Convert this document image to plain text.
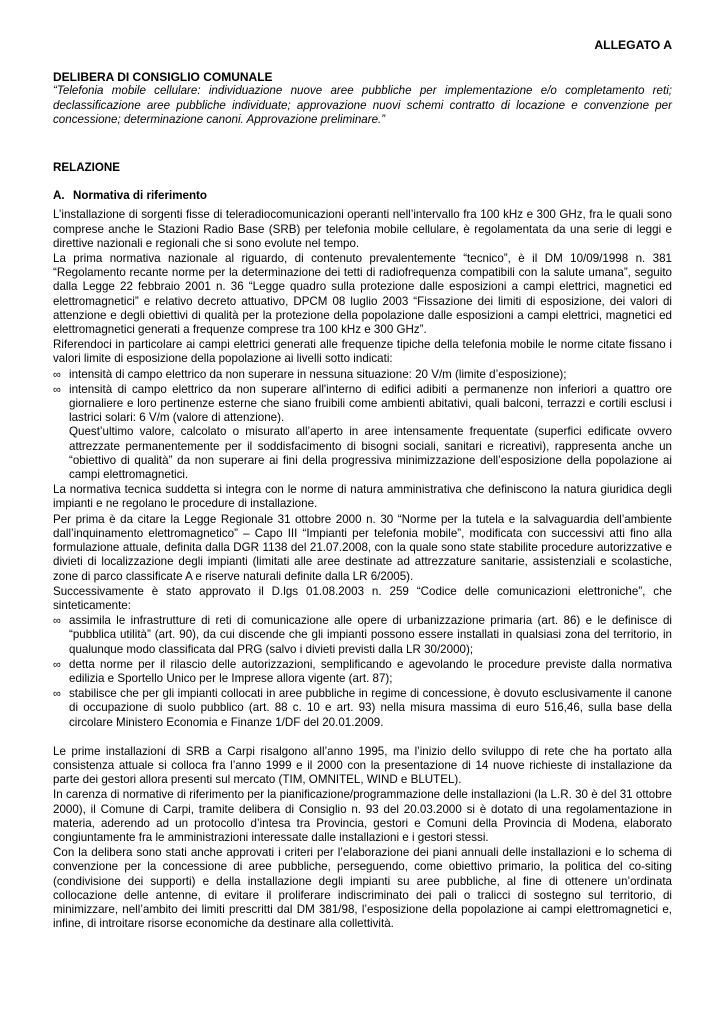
ALLEGATO A
DELIBERA DI CONSIGLIO COMUNALE
“Telefonia mobile cellulare: individuazione nuove aree pubbliche per implementazione e/o completamento reti; declassificazione aree pubbliche individuate; approvazione nuovi schemi contratto di locazione e convenzione per concessione; determinazione canoni. Approvazione preliminare.”
RELAZIONE
A. Normativa di riferimento

L’installazione di sorgenti fisse di teleradiocomunicazioni operanti nell’intervallo fra 100 kHz e 300 GHz, fra le quali sono comprese anche le Stazioni Radio Base (SRB) per telefonia mobile cellulare, è regolamentata da una serie di leggi e direttive nazionali e regionali che si sono evolute nel tempo.

La prima normativa nazionale al riguardo, di contenuto prevalentemente “tecnico”, è il DM 10/09/1998 n. 381 “Regolamento recante norme per la determinazione dei tetti di radiofrequenza compatibili con la salute umana”, seguito dalla Legge 22 febbraio 2001 n. 36 “Legge quadro sulla protezione dalle esposizioni a campi elettrici, magnetici ed elettromagnetici” e relativo decreto attuativo, DPCM 08 luglio 2003 “Fissazione dei limiti di esposizione, dei valori di attenzione e degli obiettivi di qualità per la protezione della popolazione dalle esposizioni a campi elettrici, magnetici ed elettromagnetici generati a frequenze comprese tra 100 kHz e 300 GHz”.

Riferendoci in particolare ai campi elettrici generati alle frequenze tipiche della telefonia mobile le norme citate fissano i valori limite di esposizione della popolazione ai livelli sotto indicati:

∞ intensità di campo elettrico da non superare in nessuna situazione: 20 V/m (limite d’esposizione);
∞ intensità di campo elettrico da non superare all'interno di edifici adibiti a permanenze non inferiori a quattro ore giornaliere e loro pertinenze esterne che siano fruibili come ambienti abitativi, quali balconi, terrazzi e cortili esclusi i lastrici solari: 6 V/m (valore di attenzione).
Quest’ultimo valore, calcolato o misurato all’aperto in aree intensamente frequentate (superfici edificate ovvero attrezzate permanentemente per il soddisfacimento di bisogni sociali, sanitari e ricreativi), rappresenta anche un “obiettivo di qualità” da non superare ai fini della progressiva minimizzazione dell’esposizione della popolazione ai campi elettromagnetici.

La normativa tecnica suddetta si integra con le norme di natura amministrativa che definiscono la natura giuridica degli impianti e ne regolano le procedure di installazione.

Per prima è da citare la Legge Regionale 31 ottobre 2000 n. 30 “Norme per la tutela e la salvaguardia dell’ambiente dall’inquinamento elettromagnetico” – Capo III “Impianti per telefonia mobile”, modificata con successivi atti fino alla formulazione attuale, definita dalla DGR 1138 del 21.07.2008, con la quale sono state stabilite procedure autorizzative e divieti di localizzazione degli impianti (limitati alle aree destinate ad attrezzature sanitarie, assistenziali e scolastiche, zone di parco classificate A e riserve naturali definite dalla LR 6/2005).

Successivamente è stato approvato il D.lgs 01.08.2003 n. 259 “Codice delle comunicazioni elettroniche”, che sinteticamente:

∞ assimila le infrastrutture di reti di comunicazione alle opere di urbanizzazione primaria (art. 86) e le definisce di “pubblica utilità” (art. 90), da cui discende che gli impianti possono essere installati in qualsiasi zona del territorio, in qualunque modo classificata dal PRG (salvo i divieti previsti dalla LR 30/2000);
∞ detta norme per il rilascio delle autorizzazioni, semplificando e agevolando le procedure previste dalla normativa edilizia e Sportello Unico per le Imprese allora vigente (art. 87);
∞ stabilisce che per gli impianti collocati in aree pubbliche in regime di concessione, è dovuto esclusivamente il canone di occupazione di suolo pubblico (art. 88 c. 10 e art. 93) nella misura massima di euro 516,46, sulla base della circolare Ministero Economia e Finanze 1/DF del 20.01.2009.

Le prime installazioni di SRB a Carpi risalgono all’anno 1995, ma l’inizio dello sviluppo di rete che ha portato alla consistenza attuale si colloca fra l’anno 1999 e il 2000 con la presentazione di 14 nuove richieste di installazione da parte dei gestori allora presenti sul mercato (TIM, OMNITEL, WIND e BLUTEL).

In carenza di normative di riferimento per la pianificazione/programmazione delle installazioni (la L.R. 30 è del 31 ottobre 2000), il Comune di Carpi, tramite delibera di Consiglio n. 93 del 20.03.2000 si è dotato di una regolamentazione in materia, aderendo ad un protocollo d’intesa tra Provincia, gestori e Comuni della Provincia di Modena, elaborato congiuntamente fra le amministrazioni interessate dalle installazioni e i gestori stessi.

Con la delibera sono stati anche approvati i criteri per l’elaborazione dei piani annuali delle installazioni e lo schema di convenzione per la concessione di aree pubbliche, perseguendo, come obiettivo primario, la politica del co-siting (condivisione dei supporti) e della installazione degli impianti su aree pubbliche, al fine di ottenere un’ordinata collocazione delle antenne, di evitare il proliferare indiscriminato dei pali o tralicci di sostegno sul territorio, di minimizzare, nell’ambito dei limiti prescritti dal DM 381/98, l’esposizione della popolazione ai campi elettromagnetici e, infine, di introitare risorse economiche da destinare alla collettività.
